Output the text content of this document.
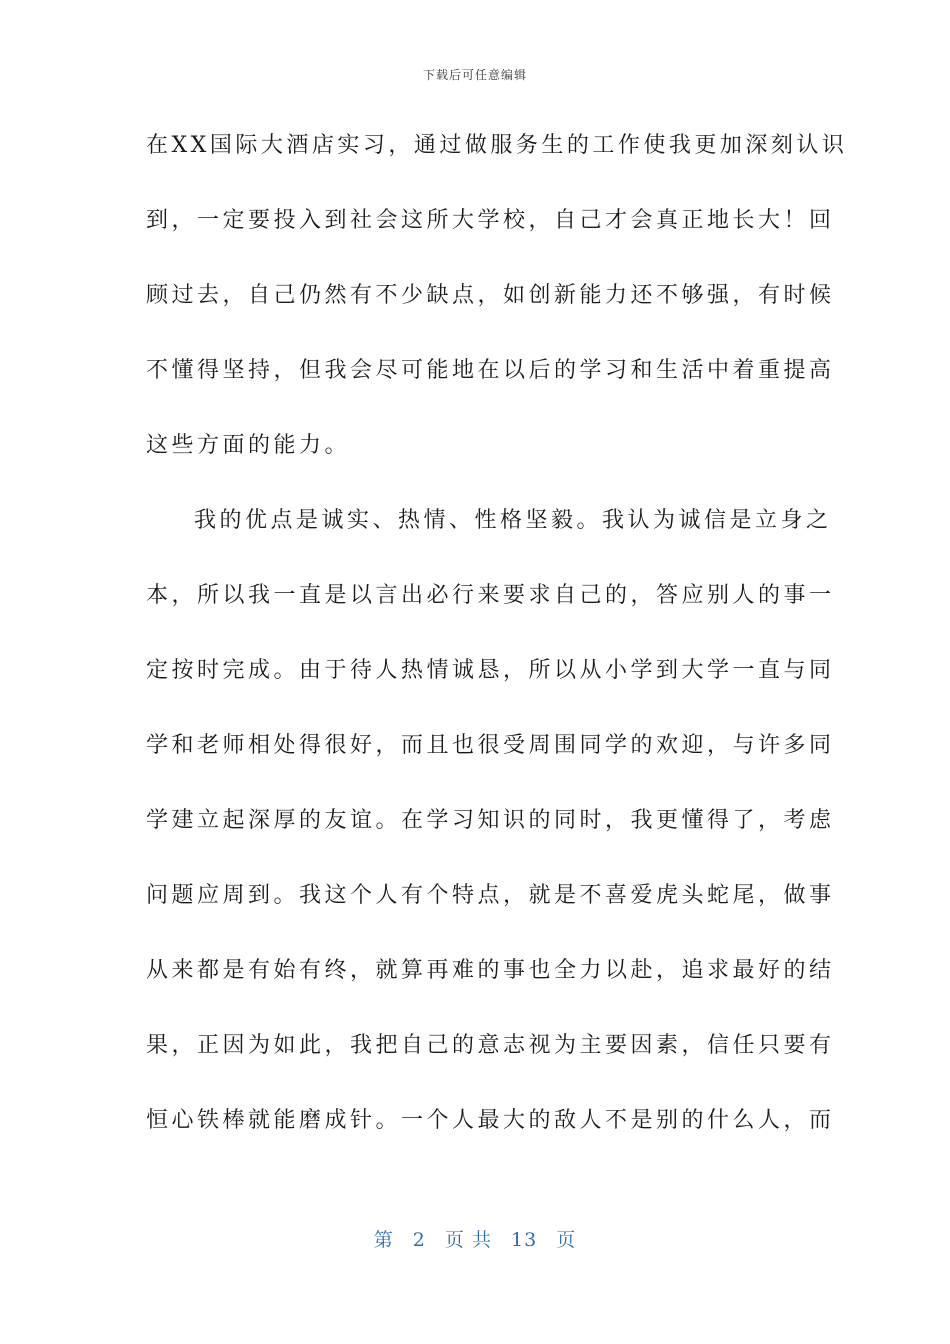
下载后可任意编辑
在XX国际大酒店实习，通过做服务生的工作使我更加深刻认识
到，一定要投入到社会这所大学校，自己才会真正地长大！回
顾过去，自己仍然有不少缺点，如创新能力还不够强，有时候
不懂得坚持，但我会尽可能地在以后的学习和生活中着重提高
这些方面的能力。
我的优点是诚实、热情、性格坚毅。我认为诚信是立身之
本，所以我一直是以言出必行来要求自己的，答应别人的事一
定按时完成。由于待人热情诚恳，所以从小学到大学一直与同
学和老师相处得很好，而且也很受周围同学的欢迎，与许多同
学建立起深厚的友谊。在学习知识的同时，我更懂得了，考虑
问题应周到。我这个人有个特点，就是不喜爱虎头蛇尾，做事
从来都是有始有终，就算再难的事也全力以赴，追求最好的结
果，正因为如此，我把自己的意志视为主要因素，信任只要有
恒心铁棒就能磨成针。一个人最大的敌人不是别的什么人，而
第 2 页 共 13 页
